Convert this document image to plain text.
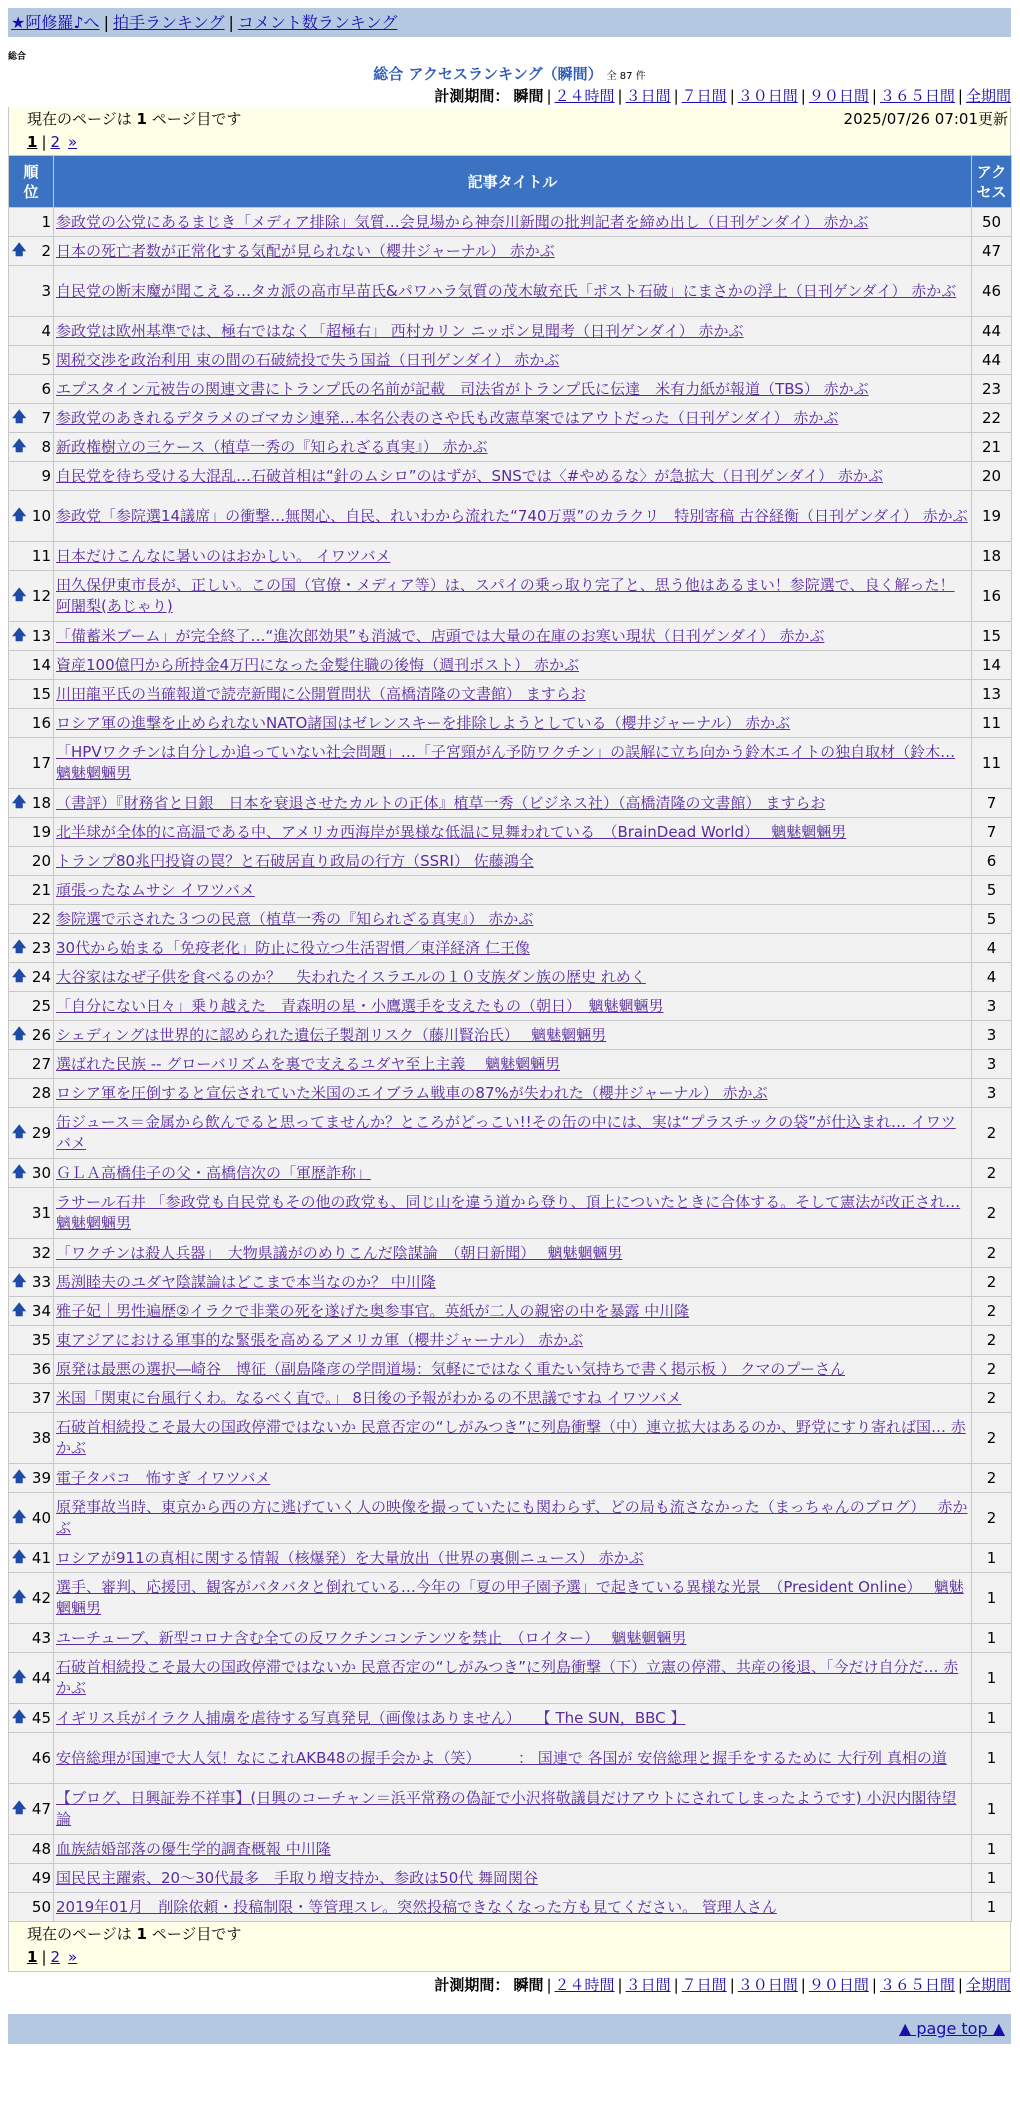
★阿修羅♪へ | 拍手ランキング | コメント数ランキング
総合
総合 アクセスランキング（瞬間） 全 87 件
計測期間： 瞬間 | ２４時間 | ３日間 | ７日間 | ３０日間 | ９０日間 | ３６５日間 | 全期間
現在のページは 1 ページ目です	2025/07/26 07:01更新
1 | 2 »
順位	記事タイトル	アクセス
1	参政党の公党にあるまじき「メディア排除」気質…会見場から神奈川新聞の批判記者を締め出し（日刊ゲンダイ） 赤かぶ	50

🡅 2	日本の死亡者数が正常化する気配が見られない（櫻井ジャーナル） 赤かぶ	47
3	自民党の断末魔が聞こえる…タカ派の高市早苗氏&パワハラ気質の茂木敏充氏「ポスト石破」にまさかの浮上（日刊ゲンダイ） 赤かぶ	46
4	参政党は欧州基準では、極右ではなく「超極右」 西村カリン ニッポン見聞考（日刊ゲンダイ） 赤かぶ	44
5	関税交渉を政治利用 束の間の石破続投で失う国益（日刊ゲンダイ） 赤かぶ	44
6	エプスタイン元被告の関連文書にトランプ氏の名前が記載　司法省がトランプ氏に伝達　米有力紙が報道（TBS） 赤かぶ	23

🡅 7	参政党のあきれるデタラメのゴマカシ連発…本名公表のさや氏も改憲草案ではアウトだった（日刊ゲンダイ） 赤かぶ	22

🡅 8	新政権樹立の三ケース（植草一秀の『知られざる真実』） 赤かぶ	21
9	自民党を待ち受ける大混乱…石破首相は“針のムシロ”のはずが、SNSでは〈#やめるな〉が急拡大（日刊ゲンダイ） 赤かぶ	20

🡅 10	参政党「参院選14議席」の衝撃…無関心、自民、れいわから流れた“740万票”のカラクリ　特別寄稿 古谷経衡（日刊ゲンダイ） 赤かぶ	19
11	日本だけこんなに暑いのはおかしい。 イワツバメ	18

🡅 12	田久保伊東市長が、正しい。この国（官僚・メディア等）は、スパイの乗っ取り完了と、思う他はあるまい！参院選で、良く解った！ 阿闍梨(あじゃり)	16

🡅 13	「備蓄米ブーム」が完全終了…“進次郎効果”も消滅で、店頭では大量の在庫のお寒い現状（日刊ゲンダイ） 赤かぶ	15
14	資産100億円から所持金4万円になった金髪住職の後悔（週刊ポスト） 赤かぶ	14
15	川田龍平氏の当確報道で読売新聞に公開質問状（高橋清隆の文書館） ますらお	13
16	ロシア軍の進撃を止められないNATO諸国はゼレンスキーを排除しようとしている（櫻井ジャーナル） 赤かぶ	11
17	「HPVワクチンは自分しか追っていない社会問題」…「子宮頸がん予防ワクチン」の誤解に立ち向かう鈴木エイトの独自取材（鈴木… 魑魅魍魎男	11

🡅 18	（書評）『財務省と日銀　日本を衰退させたカルトの正体』植草一秀（ビジネス社）（高橋清隆の文書館） ますらお	7
19	北半球が全体的に高温である中、アメリカ西海岸が異様な低温に見舞われている　（BrainDead World）　 魑魅魍魎男	7
20	トランプ80兆円投資の罠？と石破居直り政局の行方（SSRI） 佐藤鴻全	6
21	頑張ったなムサシ イワツバメ	5
22	参院選で示された３つの民意（植草一秀の『知られざる真実』） 赤かぶ	5

🡅 23	30代から始まる「免疫老化」防止に役立つ生活習慣／東洋経済 仁王像	4

🡅 24	大谷家はなぜ子供を食べるのか？　失われたイスラエルの１０支族ダン族の歴史 れめく	4
25	「自分にない日々」乗り越えた　青森明の星・小鷹選手を支えたもの（朝日）　魑魅魍魎男	3

🡅 26	シェディングは世界的に認められた遺伝子製剤リスク（藤川賢治氏）　 魑魅魍魎男	3
27	選ばれた民族 -- グローバリズムを裏で支えるユダヤ至上主義　 魑魅魍魎男	3
28	ロシア軍を圧倒すると宣伝されていた米国のエイブラム戦車の87%が失われた（櫻井ジャーナル） 赤かぶ	3

🡅 29	缶ジュース＝金属から飲んでると思ってませんか？ところがどっこい!!その缶の中には、実は“プラスチックの袋”が仕込まれ… イワツバメ	2

🡅 30	ＧＬＡ高橋佳子の父・高橋信次の「軍歴詐称」	2
31	ラサール石井 「参政党も自民党もその他の政党も、同じ山を違う道から登り、頂上についたときに合体する。そして憲法が改正され… 魑魅魍魎男	2
32	「ワクチンは殺人兵器」　大物県議がのめりこんだ陰謀論　（朝日新聞）　 魑魅魍魎男	2

🡅 33	馬渕睦夫のユダヤ陰謀論はどこまで本当なのか？ 中川隆	2

🡅 34	雅子妃｜男性遍歴②イラクで非業の死を遂げた奥参事官。英紙が二人の親密の中を暴露 中川隆	2
35	東アジアにおける軍事的な緊張を高めるアメリカ軍（櫻井ジャーナル） 赤かぶ	2
36	原発は最悪の選択―崎谷　博征（副島隆彦の学問道場：気軽にではなく重たい気持ちで書く掲示板 ） クマのプーさん	2
37	米国「関東に台風行くわ。なるべく直で。」 8日後の予報がわかるの不思議ですね イワツバメ	2
38	石破首相続投こそ最大の国政停滞ではないか 民意否定の“しがみつき”に列島衝撃（中）連立拡大はあるのか、野党にすり寄れば国… 赤かぶ	2

🡅 39	電子タバコ　怖すぎ イワツバメ	2

🡅 40	原発事故当時、東京から西の方に逃げていく人の映像を撮っていたにも関わらず、どの局も流さなかった（まっちゃんのブログ）　 赤かぶ	2

🡅 41	ロシアが911の真相に関する情報（核爆発）を大量放出（世界の裏側ニュース） 赤かぶ	1

🡅 42	選手、審判、応援団、観客がバタバタと倒れている…今年の「夏の甲子園予選」で起きている異様な光景　（President Online）　 魑魅魍魎男	1
43	ユーチューブ、新型コロナ含む全ての反ワクチンコンテンツを禁止　（ロイター）　 魑魅魍魎男	1

🡅 44	石破首相続投こそ最大の国政停滞ではないか 民意否定の“しがみつき”に列島衝撃（下）立憲の停滞、共産の後退、「今だけ自分だ… 赤かぶ	1

🡅 45	イギリス兵がイラク人捕虜を虐待する写真発見（画像はありません）　　【 The SUN，BBC 】	1
46	安倍総理が国連で大人気！なにこれAKB48の握手会かよ（笑）　　　： 国連で 各国が 安倍総理と握手をするために 大行列 真相の道	1

🡅 47	【ブログ、日興証券不祥事】(日興のコーチャン＝浜平常務の偽証で小沢将敬議員だけアウトにされてしまったようです) 小沢内閣待望論	1
48	血族結婚部落の優生学的調査概報 中川隆	1
49	国民民主躍索、20～30代最多　手取り増支持か、参政は50代 舞岡関谷	1
50	2019年01月　削除依頼・投稿制限・等管理スレ。突然投稿できなくなった方も見てください。 管理人さん	1
現在のページは 1 ページ目です
1 | 2 »
計測期間： 瞬間 | ２４時間 | ３日間 | ７日間 | ３０日間 | ９０日間 | ３６５日間 | 全期間
▲ page top ▲
